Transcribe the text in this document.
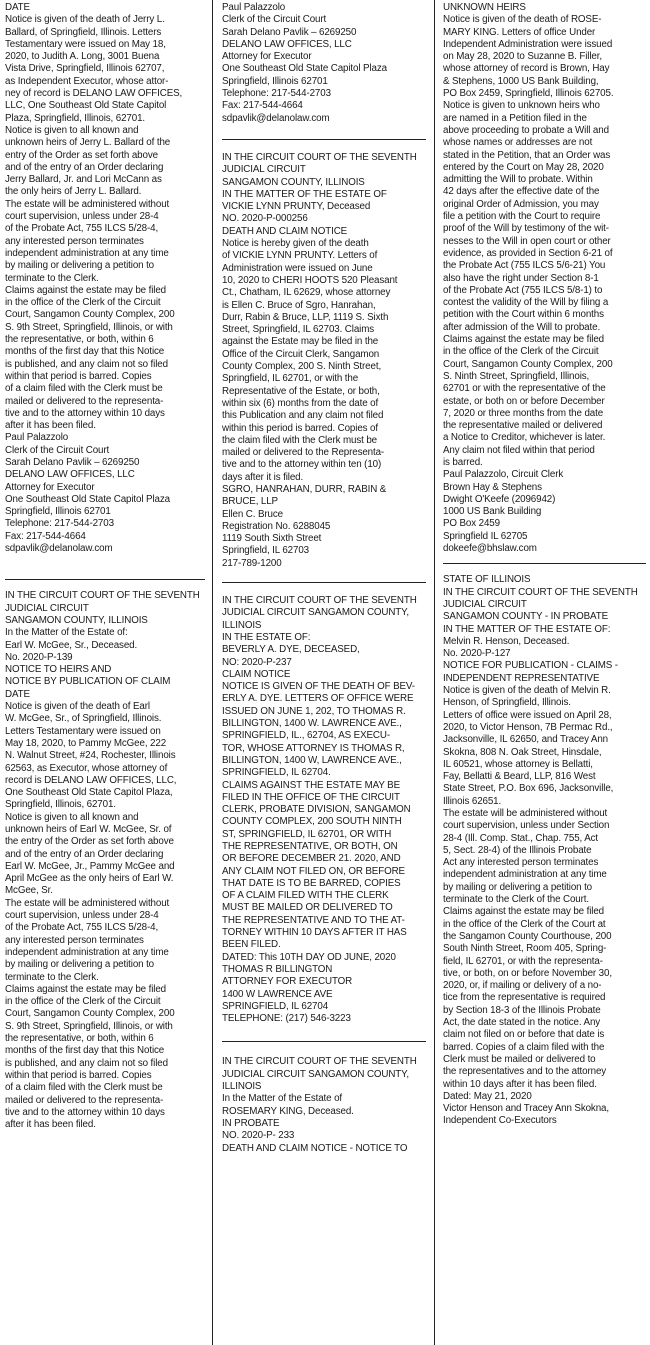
DATE
Notice is given of the death of Jerry L.
Ballard, of Springfield, Illinois. Letters
Testamentary were issued on May 18,
2020, to Judith A. Long, 3001 Buena
Vista Drive, Springfield, Illinois 62707,
as Independent Executor, whose attor-
ney of record is DELANO LAW OFFICES,
LLC, One Southeast Old State Capitol
Plaza, Springfield, Illinois, 62701.
Notice is given to all known and
unknown heirs of Jerry L. Ballard of the
entry of the Order as set forth above
and of the entry of an Order declaring
Jerry Ballard, Jr. and Lori McCann as
the only heirs of Jerry L. Ballard.
The estate will be administered without
court supervision, unless under 28-4
of the Probate Act, 755 ILCS 5/28-4,
any interested person terminates
independent administration at any time
by mailing or delivering a petition to
terminate to the Clerk.
Claims against the estate may be filed
in the office of the Clerk of the Circuit
Court, Sangamon County Complex, 200
S. 9th Street, Springfield, Illinois, or with
the representative, or both, within 6
months of the first day that this Notice
is published, and any claim not so filed
within that period is barred. Copies
of a claim filed with the Clerk must be
mailed or delivered to the representa-
tive and to the attorney within 10 days
after it has been filed.
Paul Palazzolo
Clerk of the Circuit Court
Sarah Delano Pavlik – 6269250
DELANO LAW OFFICES, LLC
Attorney for Executor
One Southeast Old State Capitol Plaza
Springfield, Illinois 62701
Telephone: 217-544-2703
Fax: 217-544-4664
sdpavlik@delanolaw.com
IN THE CIRCUIT COURT OF THE SEVENTH
JUDICIAL CIRCUIT
SANGAMON COUNTY, ILLINOIS
In the Matter of the Estate of:
Earl W. McGee, Sr., Deceased.
No. 2020-P-139
NOTICE TO HEIRS AND
NOTICE BY PUBLICATION OF CLAIM
DATE
Notice is given of the death of Earl
W. McGee, Sr., of Springfield, Illinois.
Letters Testamentary were issued on
May 18, 2020, to Pammy McGee, 222
N. Walnut Street, #24, Rochester, Illinois
62563, as Executor, whose attorney of
record is DELANO LAW OFFICES, LLC,
One Southeast Old State Capitol Plaza,
Springfield, Illinois, 62701.
Notice is given to all known and
unknown heirs of Earl W. McGee, Sr. of
the entry of the Order as set forth above
and of the entry of an Order declaring
Earl W. McGee, Jr., Pammy McGee and
April McGee as the only heirs of Earl W.
McGee, Sr.
The estate will be administered without
court supervision, unless under 28-4
of the Probate Act, 755 ILCS 5/28-4,
any interested person terminates
independent administration at any time
by mailing or delivering a petition to
terminate to the Clerk.
Claims against the estate may be filed
in the office of the Clerk of the Circuit
Court, Sangamon County Complex, 200
S. 9th Street, Springfield, Illinois, or with
the representative, or both, within 6
months of the first day that this Notice
is published, and any claim not so filed
within that period is barred. Copies
of a claim filed with the Clerk must be
mailed or delivered to the representa-
tive and to the attorney within 10 days
after it has been filed.
Paul Palazzolo
Clerk of the Circuit Court
Sarah Delano Pavlik – 6269250
DELANO LAW OFFICES, LLC
Attorney for Executor
One Southeast Old State Capitol Plaza
Springfield, Illinois 62701
Telephone: 217-544-2703
Fax: 217-544-4664
sdpavlik@delanolaw.com
IN THE CIRCUIT COURT OF THE SEVENTH
JUDICIAL CIRCUIT
SANGAMON COUNTY, ILLINOIS
IN THE MATTER OF THE ESTATE OF
VICKIE LYNN PRUNTY, Deceased
NO. 2020-P-000256
DEATH AND CLAIM NOTICE
Notice is hereby given of the death
of VICKIE LYNN PRUNTY. Letters of
Administration were issued on June
10, 2020 to CHERI HOOTS 520 Pleasant
Ct., Chatham, IL 62629, whose attorney
is Ellen C. Bruce of Sgro, Hanrahan,
Durr, Rabin & Bruce, LLP, 1119 S. Sixth
Street, Springfield, IL 62703. Claims
against the Estate may be filed in the
Office of the Circuit Clerk, Sangamon
County Complex, 200 S. Ninth Street,
Springfield, IL 62701, or with the
Representative of the Estate, or both,
within six (6) months from the date of
this Publication and any claim not filed
within this period is barred. Copies of
the claim filed with the Clerk must be
mailed or delivered to the Representa-
tive and to the attorney within ten (10)
days after it is filed.
SGRO, HANRAHAN, DURR, RABIN &
BRUCE, LLP
Ellen C. Bruce
Registration No. 6288045
1119 South Sixth Street
Springfield, IL 62703
217-789-1200
IN THE CIRCUIT COURT OF THE SEVENTH
JUDICIAL CIRCUIT SANGAMON COUNTY,
ILLINOIS
IN THE ESTATE OF:
BEVERLY A. DYE, DECEASED,
NO: 2020-P-237
CLAIM NOTICE
NOTICE IS GIVEN OF THE DEATH OF BEV-
ERLY A. DYE. LETTERS OF OFFICE WERE
ISSUED ON JUNE 1, 202, TO THOMAS R.
BILLINGTON, 1400 W. LAWRENCE AVE.,
SPRINGFIELD, IL., 62704, AS EXECU-
TOR, WHOSE ATTORNEY IS THOMAS R,
BILLINGTON, 1400 W, LAWRENCE AVE.,
SPRINGFIELD, IL 62704.
CLAIMS AGAINST THE ESTATE MAY BE
FILED IN THE OFFICE OF THE CIRCUIT
CLERK, PROBATE DIVISION, SANGAMON
COUNTY COMPLEX, 200 SOUTH NINTH
ST, SPRINGFIELD, IL 62701, OR WITH
THE REPRESENTATIVE, OR BOTH, ON
OR BEFORE DECEMBER 21. 2020, AND
ANY CLAIM NOT FILED ON, OR BEFORE
THAT DATE IS TO BE BARRED, COPIES
OF A CLAIM FILED WITH THE CLERK
MUST BE MAILED OR DELIVERED TO
THE REPRESENTATIVE AND TO THE AT-
TORNEY WITHIN 10 DAYS AFTER IT HAS
BEEN FILED.
DATED: This 10TH DAY OD JUNE, 2020
THOMAS R BILLINGTON
ATTORNEY FOR EXECUTOR
1400 W LAWRENCE AVE
SPRINGFIELD, IL 62704
TELEPHONE: (217) 546-3223
IN THE CIRCUIT COURT OF THE SEVENTH
JUDICIAL CIRCUIT SANGAMON COUNTY,
ILLINOIS
In the Matter of the Estate of
ROSEMARY KING, Deceased.
IN PROBATE
NO. 2020-P- 233
DEATH AND CLAIM NOTICE - NOTICE TO
UNKNOWN HEIRS
Notice is given of the death of ROSE-
MARY KING. Letters of office Under
Independent Administration were issued
on May 28, 2020 to Suzanne B. Filler,
whose attorney of record is Brown, Hay
& Stephens, 1000 US Bank Building,
PO Box 2459, Springfield, Illinois 62705.
Notice is given to unknown heirs who
are named in a Petition filed in the
above proceeding to probate a Will and
whose names or addresses are not
stated in the Petition, that an Order was
entered by the Court on May 28, 2020
admitting the Will to probate. Within
42 days after the effective date of the
original Order of Admission, you may
file a petition with the Court to require
proof of the Will by testimony of the wit-
nesses to the Will in open court or other
evidence, as provided in Section 6-21 of
the Probate Act (755 ILCS 5/6-21) You
also have the right under Section 8-1
of the Probate Act (755 ILCS 5/8-1) to
contest the validity of the Will by filing a
petition with the Court within 6 months
after admission of the Will to probate.
Claims against the estate may be filed
in the office of the Clerk of the Circuit
Court, Sangamon County Complex, 200
S. Ninth Street, Springfield, Illinois,
62701 or with the representative of the
estate, or both on or before December
7, 2020 or three months from the date
the representative mailed or delivered
a Notice to Creditor, whichever is later.
Any claim not filed within that period
is barred.
Paul Palazzolo, Circuit Clerk
Brown Hay & Stephens
Dwight O'Keefe (2096942)
1000 US Bank Building
PO Box 2459
Springfield IL 62705
dokeefe@bhslaw.com
STATE OF ILLINOIS
IN THE CIRCUIT COURT OF THE SEVENTH
JUDICIAL CIRCUIT
SANGAMON COUNTY - IN PROBATE
IN THE MATTER OF THE ESTATE OF:
Melvin R. Henson, Deceased.
No. 2020-P-127
NOTICE FOR PUBLICATION - CLAIMS -
INDEPENDENT REPRESENTATIVE
Notice is given of the death of Melvin R.
Henson, of Springfield, Illinois.
Letters of office were issued on April 28,
2020, to Victor Henson, 7B Permac Rd.,
Jacksonville, IL 62650, and Tracey Ann
Skokna, 808 N. Oak Street, Hinsdale,
IL 60521, whose attorney is Bellatti,
Fay, Bellatti & Beard, LLP, 816 West
State Street, P.O. Box 696, Jacksonville,
Illinois 62651.
The estate will be administered without
court supervision, unless under Section
28-4 (Ill. Comp. Stat., Chap. 755, Act
5, Sect. 28-4) of the Illinois Probate
Act any interested person terminates
independent administration at any time
by mailing or delivering a petition to
terminate to the Clerk of the Court.
Claims against the estate may be filed
in the office of the Clerk of the Court at
the Sangamon County Courthouse, 200
South Ninth Street, Room 405, Spring-
field, IL 62701, or with the representa-
tive, or both, on or before November 30,
2020, or, if mailing or delivery of a no-
tice from the representative is required
by Section 18-3 of the Illinois Probate
Act, the date stated in the notice. Any
claim not filed on or before that date is
barred. Copies of a claim filed with the
Clerk must be mailed or delivered to
the representatives and to the attorney
within 10 days after it has been filed.
Dated: May 21, 2020
Victor Henson and Tracey Ann Skokna,
Independent Co-Executors
